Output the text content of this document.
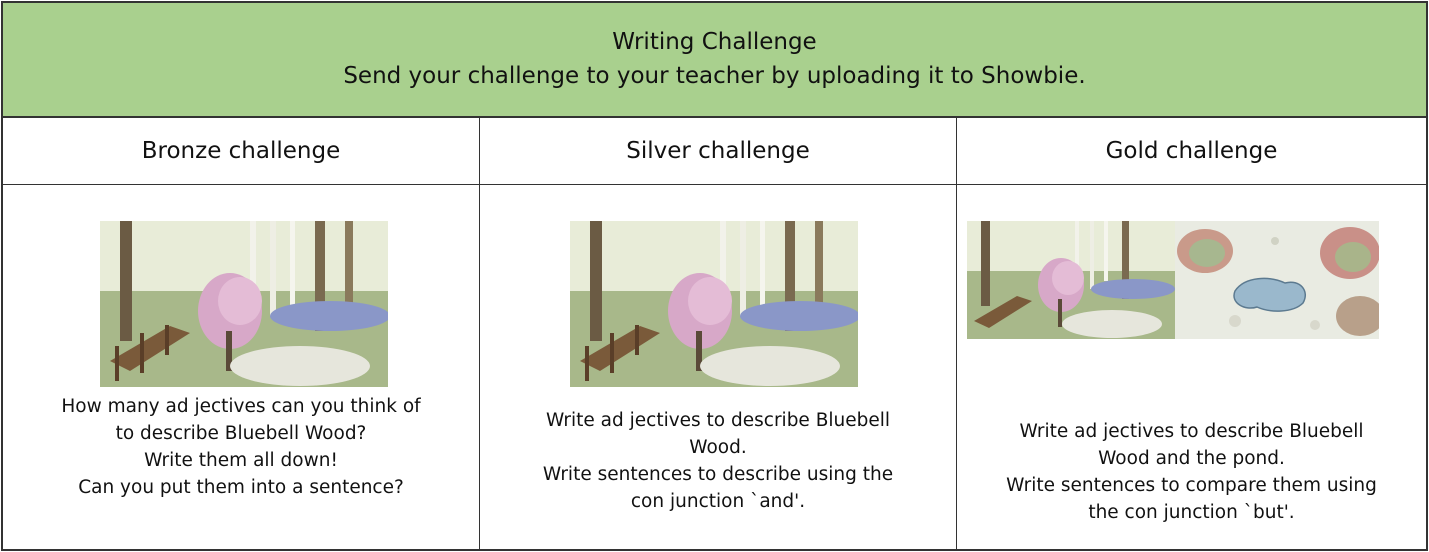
Writing Challenge
Send your challenge to your teacher by uploading it to Showbie.
Bronze challenge	Silver challenge	Gold challenge
How many ad jectives can you think of
to describe Bluebell Wood?
Write them all down!
Can you put them into a sentence?
Write ad jectives to describe Bluebell
Wood.
Write sentences to describe using the
con junction `and'.
Write ad jectives to describe Bluebell
Wood and the pond.
Write sentences to compare them using
the con junction `but'.
